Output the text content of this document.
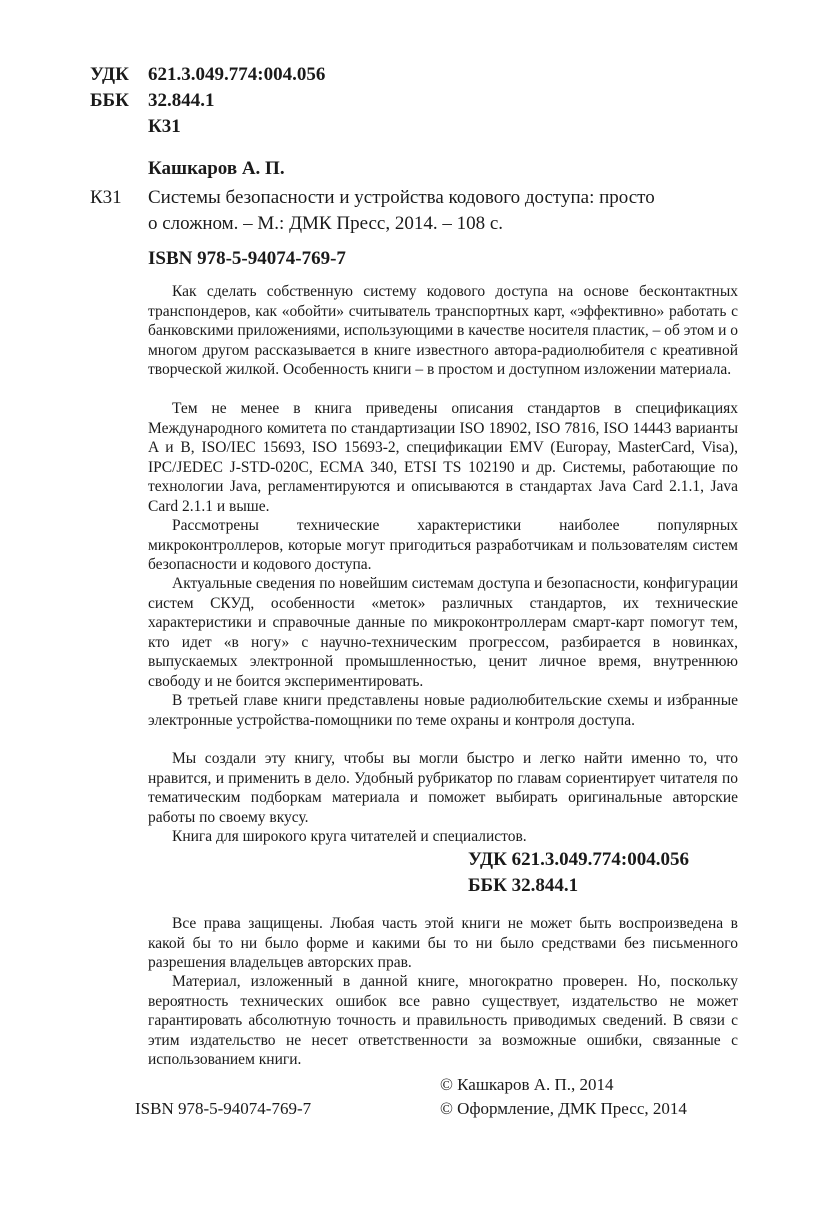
УДК 621.3.049.774:004.056
ББК 32.844.1
К31
Кашкаров А. П.
К31 Системы безопасности и устройства кодового доступа: просто
о сложном. – М.: ДМК Пресс, 2014. – 108 с.
ISBN 978-5-94074-769-7
Как сделать собственную систему кодового доступа на основе бесконтактных транспондеров, как «обойти» считыватель транспортных карт, «эффективно» работать с банковскими приложениями, использующими в качестве носителя пластик, – об этом и о многом другом рассказывается в книге известного автора-радиолюбителя с креативной творческой жилкой. Особенность книги – в простом и доступном изложении материала.
Тем не менее в книга приведены описания стандартов в спецификациях Международного комитета по стандартизации ISO 18902, ISO 7816, ISO 14443 варианты A и B, ISO/IEC 15693, ISO 15693-2, спецификации EMV (Europay, MasterCard, Visa), IPC/JEDEC J-STD-020C, ECMA 340, ETSI TS 102190 и др. Системы, работающие по технологии Java, регламентируются и описываются в стандартах Java Card 2.1.1, Java Card 2.1.1 и выше.
Рассмотрены технические характеристики наиболее популярных микроконтроллеров, которые могут пригодиться разработчикам и пользователям систем безопасности и кодового доступа.
Актуальные сведения по новейшим системам доступа и безопасности, конфигурации систем СКУД, особенности «меток» различных стандартов, их технические характеристики и справочные данные по микроконтроллерам смарт-карт помогут тем, кто идет «в ногу» с научно-техническим прогрессом, разбирается в новинках, выпускаемых электронной промышленностью, ценит личное время, внутреннюю свободу и не боится экспериментировать.
В третьей главе книги представлены новые радиолюбительские схемы и избранные электронные устройства-помощники по теме охраны и контроля доступа.
Мы создали эту книгу, чтобы вы могли быстро и легко найти именно то, что нравится, и применить в дело. Удобный рубрикатор по главам сориентирует читателя по тематическим подборкам материала и поможет выбирать оригинальные авторские работы по своему вкусу.
Книга для широкого круга читателей и специалистов.
УДК 621.3.049.774:004.056
ББК 32.844.1
Все права защищены. Любая часть этой книги не может быть воспроизведена в какой бы то ни было форме и какими бы то ни было средствами без письменного разрешения владельцев авторских прав.
Материал, изложенный в данной книге, многократно проверен. Но, поскольку вероятность технических ошибок все равно существует, издательство не может гарантировать абсолютную точность и правильность приводимых сведений. В связи с этим издательство не несет ответственности за возможные ошибки, связанные с использованием книги.
© Кашкаров А. П., 2014
ISBN 978-5-94074-769-7	© Оформление, ДМК Пресс, 2014
